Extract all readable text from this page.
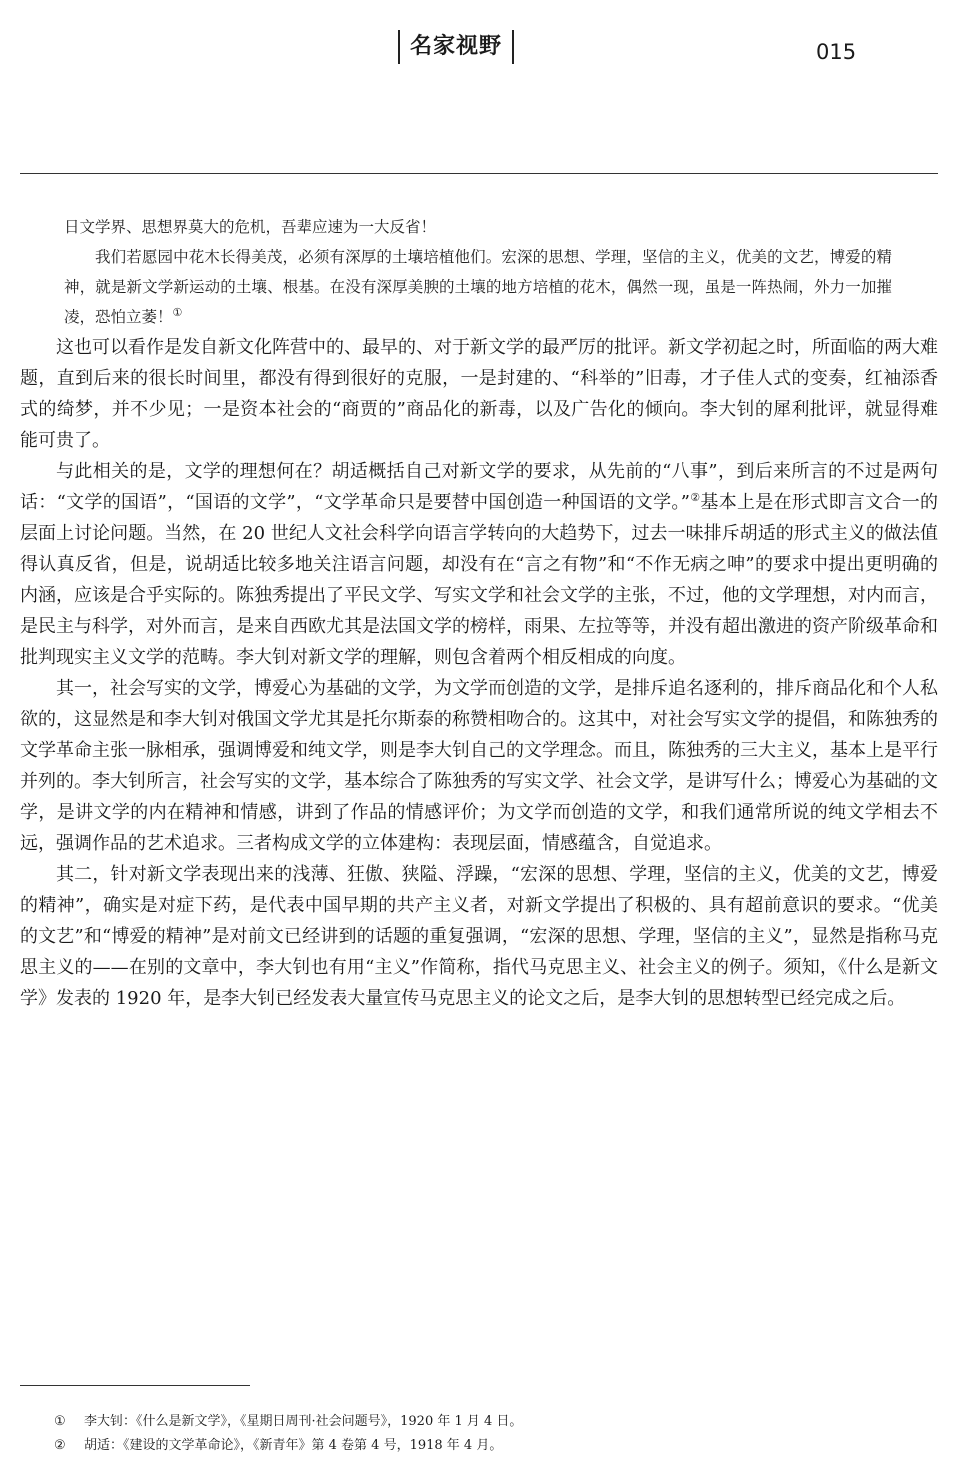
名家视野	015

日文学界、思想界莫大的危机，吾辈应速为一大反省！

我们若愿园中花木长得美茂，必须有深厚的土壤培植他们。宏深的思想、学理，坚信的主义，优美的文艺，博爱的精神，就是新文学新运动的土壤、根基。在没有深厚美腴的土壤的地方培植的花木，偶然一现，虽是一阵热闹，外力一加摧凌，恐怕立萎！①

这也可以看作是发自新文化阵营中的、最早的、对于新文学的最严厉的批评。新文学初起之时，所面临的两大难题，直到后来的很长时间里，都没有得到很好的克服，一是封建的、“科举的”旧毒，才子佳人式的变奏，红袖添香式的绮梦，并不少见；一是资本社会的“商贾的”商品化的新毒，以及广告化的倾向。李大钊的犀利批评，就显得难能可贵了。

与此相关的是，文学的理想何在？胡适概括自己对新文学的要求，从先前的“八事”，到后来所言的不过是两句话：“文学的国语”，“国语的文学”，“文学革命只是要替中国创造一种国语的文学。”②基本上是在形式即言文合一的层面上讨论问题。当然，在 20 世纪人文社会科学向语言学转向的大趋势下，过去一味排斥胡适的形式主义的做法值得认真反省，但是，说胡适比较多地关注语言问题，却没有在“言之有物”和“不作无病之呻”的要求中提出更明确的内涵，应该是合乎实际的。陈独秀提出了平民文学、写实文学和社会文学的主张，不过，他的文学理想，对内而言，是民主与科学，对外而言，是来自西欧尤其是法国文学的榜样，雨果、左拉等等，并没有超出激进的资产阶级革命和批判现实主义文学的范畴。李大钊对新文学的理解，则包含着两个相反相成的向度。

其一，社会写实的文学，博爱心为基础的文学，为文学而创造的文学，是排斥追名逐利的，排斥商品化和个人私欲的，这显然是和李大钊对俄国文学尤其是托尔斯泰的称赞相吻合的。这其中，对社会写实文学的提倡，和陈独秀的文学革命主张一脉相承，强调博爱和纯文学，则是李大钊自己的文学理念。而且，陈独秀的三大主义，基本上是平行并列的。李大钊所言，社会写实的文学，基本综合了陈独秀的写实文学、社会文学，是讲写什么；博爱心为基础的文学，是讲文学的内在精神和情感，讲到了作品的情感评价；为文学而创造的文学，和我们通常所说的纯文学相去不远，强调作品的艺术追求。三者构成文学的立体建构：表现层面，情感蕴含，自觉追求。

其二，针对新文学表现出来的浅薄、狂傲、狭隘、浮躁，“宏深的思想、学理，坚信的主义，优美的文艺，博爱的精神”，确实是对症下药，是代表中国早期的共产主义者，对新文学提出了积极的、具有超前意识的要求。“优美的文艺”和“博爱的精神”是对前文已经讲到的话题的重复强调，“宏深的思想、学理，坚信的主义”，显然是指称马克思主义的——在别的文章中，李大钊也有用“主义”作简称，指代马克思主义、社会主义的例子。须知，《什么是新文学》发表的 1920 年，是李大钊已经发表大量宣传马克思主义的论文之后，是李大钊的思想转型已经完成之后。

①	李大钊：《什么是新文学》，《星期日周刊·社会问题号》，1920 年 1 月 4 日。
②	胡适：《建设的文学革命论》，《新青年》第 4 卷第 4 号，1918 年 4 月。
